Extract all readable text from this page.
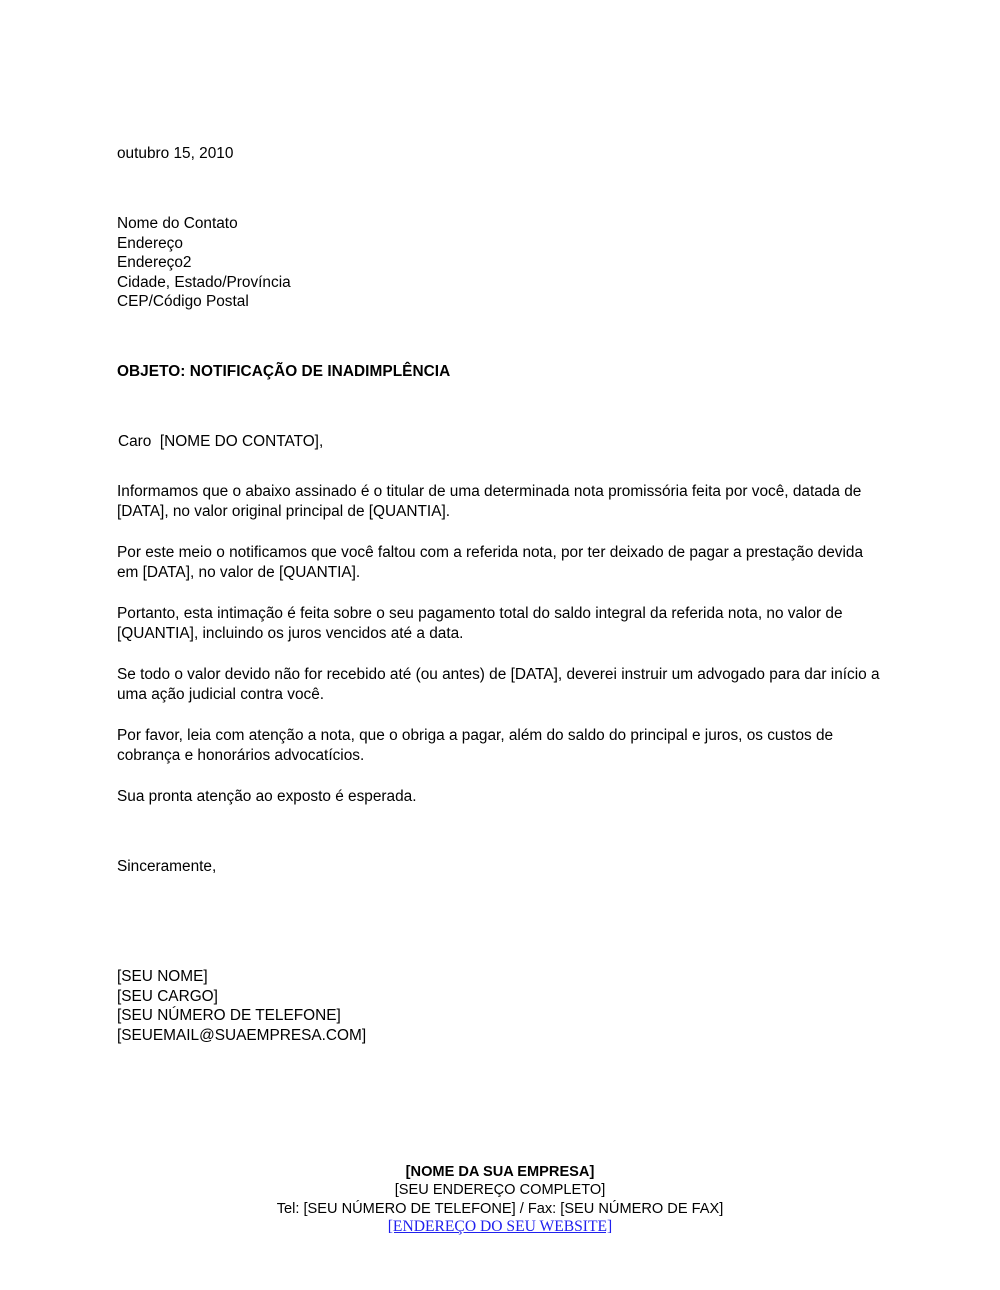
outubro 15, 2010

Nome do Contato
Endereço
Endereço2
Cidade, Estado/Província
CEP/Código Postal

OBJETO: NOTIFICAÇÃO DE INADIMPLÊNCIA

Caro  [NOME DO CONTATO],

Informamos que o abaixo assinado é o titular de uma determinada nota promissória feita por você, datada de [DATA], no valor original principal de [QUANTIA].

Por este meio o notificamos que você faltou com a referida nota, por ter deixado de pagar a prestação devida em [DATA], no valor de [QUANTIA].

Portanto, esta intimação é feita sobre o seu pagamento total do saldo integral da referida nota, no valor de [QUANTIA], incluindo os juros vencidos até a data.

Se todo o valor devido não for recebido até (ou antes) de [DATA], deverei instruir um advogado para dar início a uma ação judicial contra você.

Por favor, leia com atenção a nota, que o obriga a pagar, além do saldo do principal e juros, os custos de cobrança e honorários advocatícios.

Sua pronta atenção ao exposto é esperada.

Sinceramente,

[SEU NOME]
[SEU CARGO]
[SEU NÚMERO DE TELEFONE]
[SEUEMAIL@SUAEMPRESA.COM]
[NOME DA SUA EMPRESA]
[SEU ENDEREÇO COMPLETO]
Tel: [SEU NÚMERO DE TELEFONE] / Fax: [SEU NÚMERO DE FAX]
[ENDEREÇO DO SEU WEBSITE]
